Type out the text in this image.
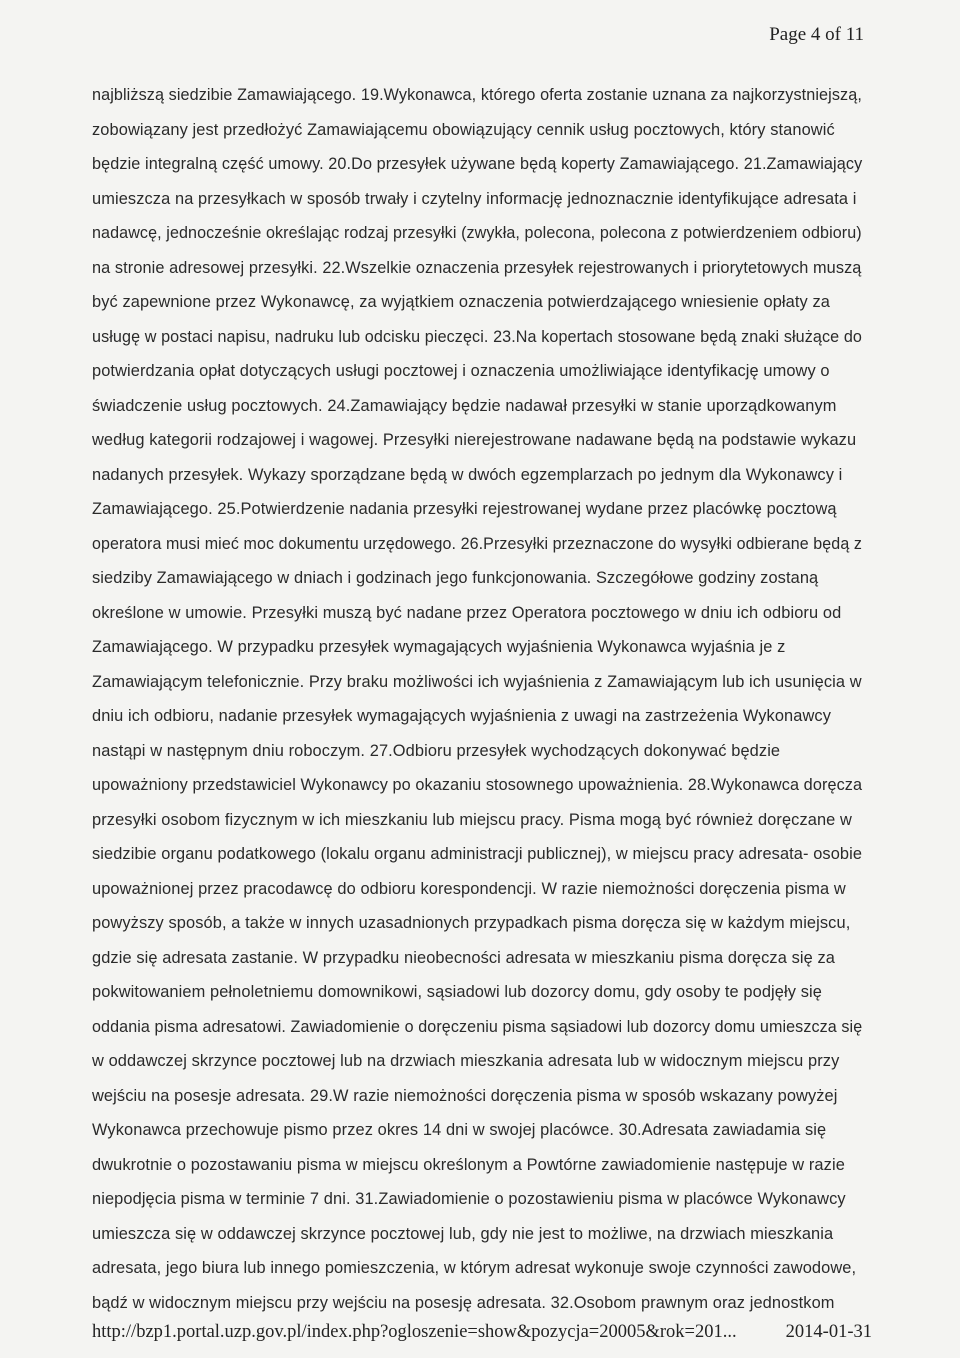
Page 4 of 11
najbliższą siedzibie Zamawiającego. 19.Wykonawca, którego oferta zostanie uznana za najkorzystniejszą,
zobowiązany jest przedłożyć Zamawiającemu obowiązujący cennik usług pocztowych, który stanowić
będzie integralną część umowy. 20.Do przesyłek używane będą koperty Zamawiającego. 21.Zamawiający
umieszcza na przesyłkach w sposób trwały i czytelny informację jednoznacznie identyfikujące adresata i
nadawcę, jednocześnie określając rodzaj przesyłki (zwykła, polecona, polecona z potwierdzeniem odbioru)
na stronie adresowej przesyłki. 22.Wszelkie oznaczenia przesyłek rejestrowanych i priorytetowych muszą
być zapewnione przez Wykonawcę, za wyjątkiem oznaczenia potwierdzającego wniesienie opłaty za
usługę w postaci napisu, nadruku lub odcisku pieczęci. 23.Na kopertach stosowane będą znaki służące do
potwierdzania opłat dotyczących usługi pocztowej i oznaczenia umożliwiające identyfikację umowy o
świadczenie usług pocztowych. 24.Zamawiający będzie nadawał przesyłki w stanie uporządkowanym
według kategorii rodzajowej i wagowej. Przesyłki nierejestrowane nadawane będą na podstawie wykazu
nadanych przesyłek. Wykazy sporządzane będą w dwóch egzemplarzach po jednym dla Wykonawcy i
Zamawiającego. 25.Potwierdzenie nadania przesyłki rejestrowanej wydane przez placówkę pocztową
operatora musi mieć moc dokumentu urzędowego. 26.Przesyłki przeznaczone do wysyłki odbierane będą z
siedziby Zamawiającego w dniach i godzinach jego funkcjonowania. Szczegółowe godziny zostaną
określone w umowie. Przesyłki muszą być nadane przez Operatora pocztowego w dniu ich odbioru od
Zamawiającego. W przypadku przesyłek wymagających wyjaśnienia Wykonawca wyjaśnia je z
Zamawiającym telefonicznie. Przy braku możliwości ich wyjaśnienia z Zamawiającym lub ich usunięcia w
dniu ich odbioru, nadanie przesyłek wymagających wyjaśnienia z uwagi na zastrzeżenia Wykonawcy
nastąpi w następnym dniu roboczym. 27.Odbioru przesyłek wychodzących dokonywać będzie
upoważniony przedstawiciel Wykonawcy po okazaniu stosownego upoważnienia. 28.Wykonawca doręcza
przesyłki osobom fizycznym w ich mieszkaniu lub miejscu pracy. Pisma mogą być również doręczane w
siedzibie organu podatkowego (lokalu organu administracji publicznej), w miejscu pracy adresata- osobie
upoważnionej przez pracodawcę do odbioru korespondencji. W razie niemożności doręczenia pisma w
powyższy sposób, a także w innych uzasadnionych przypadkach pisma doręcza się w każdym miejscu,
gdzie się adresata zastanie. W przypadku nieobecności adresata w mieszkaniu pisma doręcza się za
pokwitowaniem pełnoletniemu domownikowi, sąsiadowi lub dozorcy domu, gdy osoby te podjęły się
oddania pisma adresatowi. Zawiadomienie o doręczeniu pisma sąsiadowi lub dozorcy domu umieszcza się
w oddawczej skrzynce pocztowej lub na drzwiach mieszkania adresata lub w widocznym miejscu przy
wejściu na posesje adresata. 29.W razie niemożności doręczenia pisma w sposób wskazany powyżej
Wykonawca przechowuje pismo przez okres 14 dni w swojej placówce. 30.Adresata zawiadamia się
dwukrotnie o pozostawaniu pisma w miejscu określonym a Powtórne zawiadomienie następuje w razie
niepodjęcia pisma w terminie 7 dni. 31.Zawiadomienie o pozostawieniu pisma w placówce Wykonawcy
umieszcza się w oddawczej skrzynce pocztowej lub, gdy nie jest to możliwe, na drzwiach mieszkania
adresata, jego biura lub innego pomieszczenia, w którym adresat wykonuje swoje czynności zawodowe,
bądź w widocznym miejscu przy wejściu na posesję adresata. 32.Osobom prawnym oraz jednostkom
http://bzp1.portal.uzp.gov.pl/index.php?ogloszenie=show&pozycja=20005&rok=201...	2014-01-31
